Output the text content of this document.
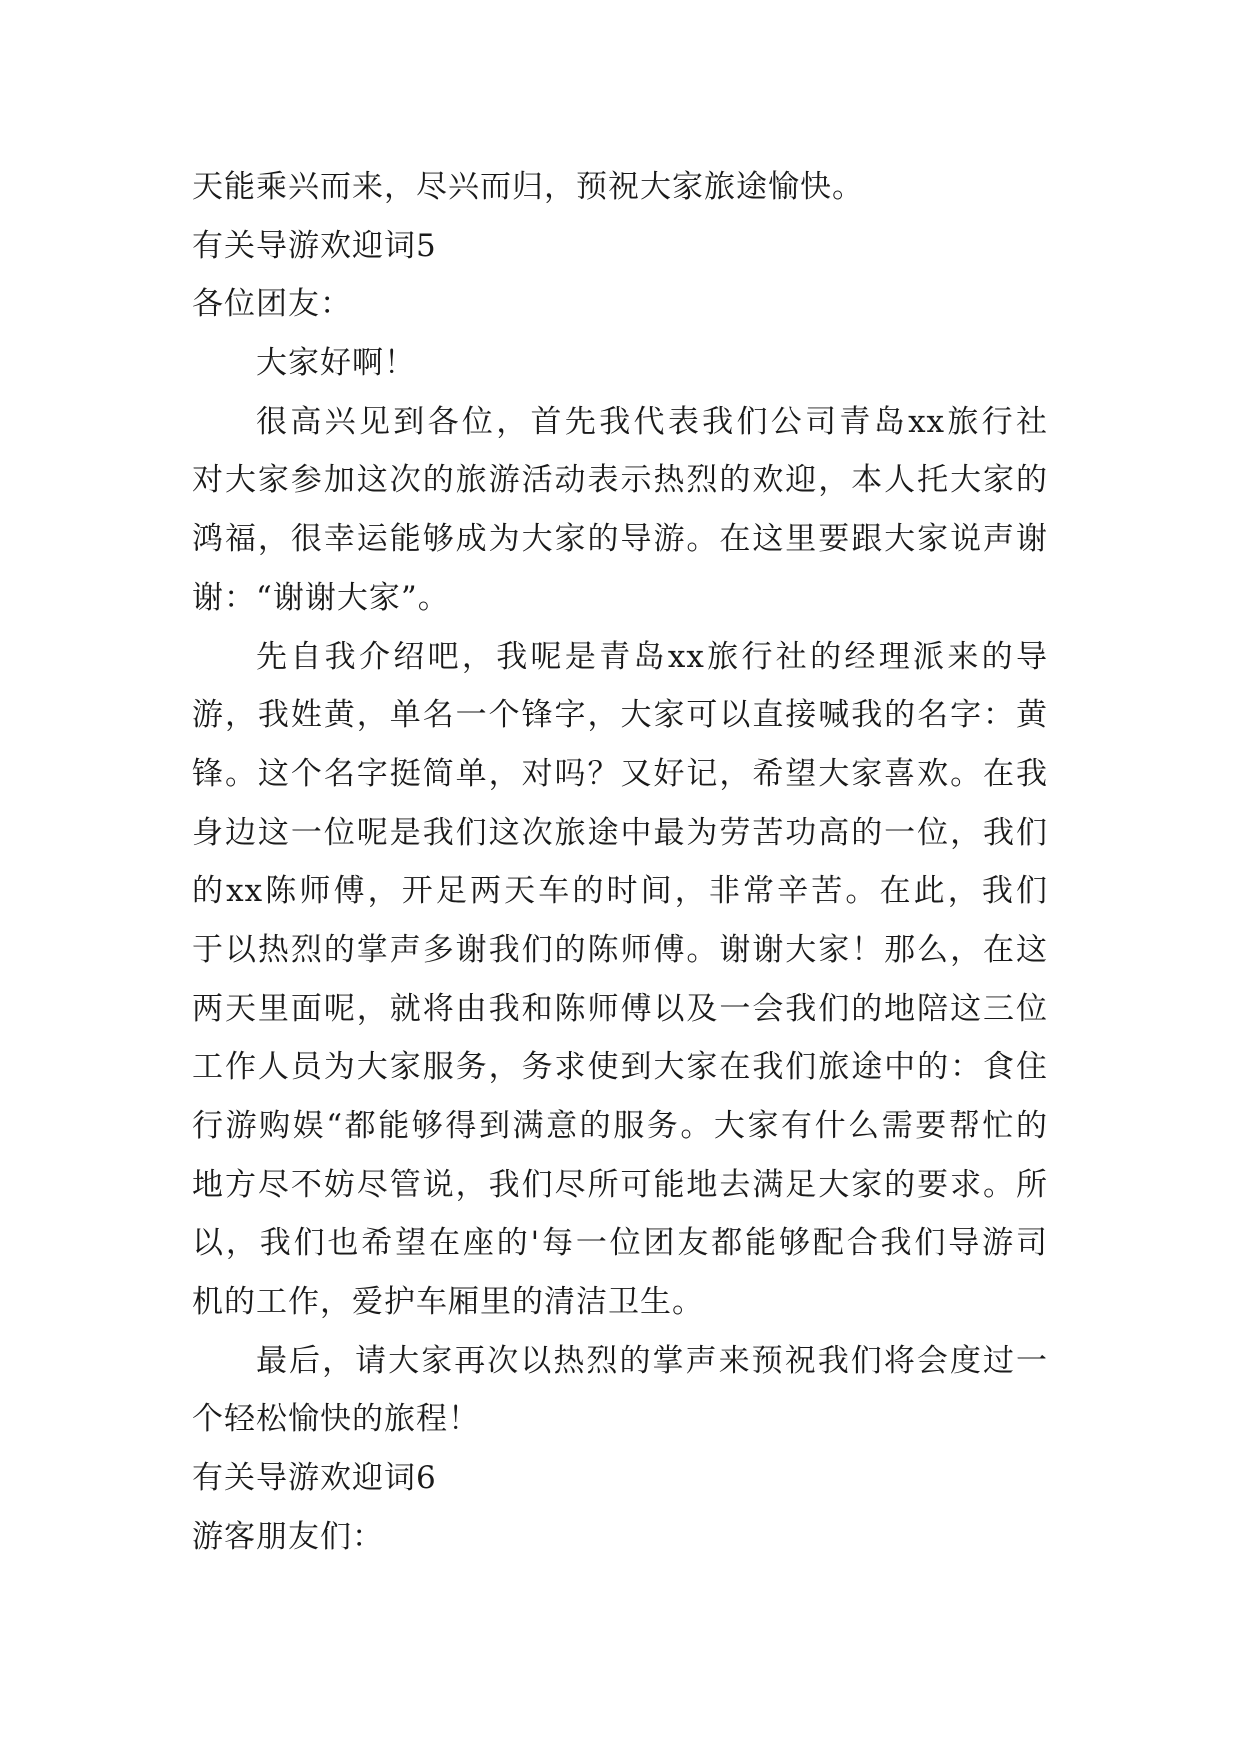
天能乘兴而来，尽兴而归，预祝大家旅途愉快。
有关导游欢迎词5
各位团友：
大家好啊！
很高兴见到各位，首先我代表我们公司青岛xx旅行社
对大家参加这次的旅游活动表示热烈的欢迎，本人托大家的
鸿福，很幸运能够成为大家的导游。在这里要跟大家说声谢
谢：“谢谢大家”。
先自我介绍吧，我呢是青岛xx旅行社的经理派来的导
游，我姓黄，单名一个锋字，大家可以直接喊我的名字：黄
锋。这个名字挺简单，对吗？又好记，希望大家喜欢。在我
身边这一位呢是我们这次旅途中最为劳苦功高的一位，我们
的xx陈师傅，开足两天车的时间，非常辛苦。在此，我们
于以热烈的掌声多谢我们的陈师傅。谢谢大家！那么，在这
两天里面呢，就将由我和陈师傅以及一会我们的地陪这三位
工作人员为大家服务，务求使到大家在我们旅途中的：食住
行游购娱“都能够得到满意的服务。大家有什么需要帮忙的
地方尽不妨尽管说，我们尽所可能地去满足大家的要求。所
以，我们也希望在座的'每一位团友都能够配合我们导游司
机的工作，爱护车厢里的清洁卫生。
最后，请大家再次以热烈的掌声来预祝我们将会度过一
个轻松愉快的旅程！
有关导游欢迎词6
游客朋友们：
